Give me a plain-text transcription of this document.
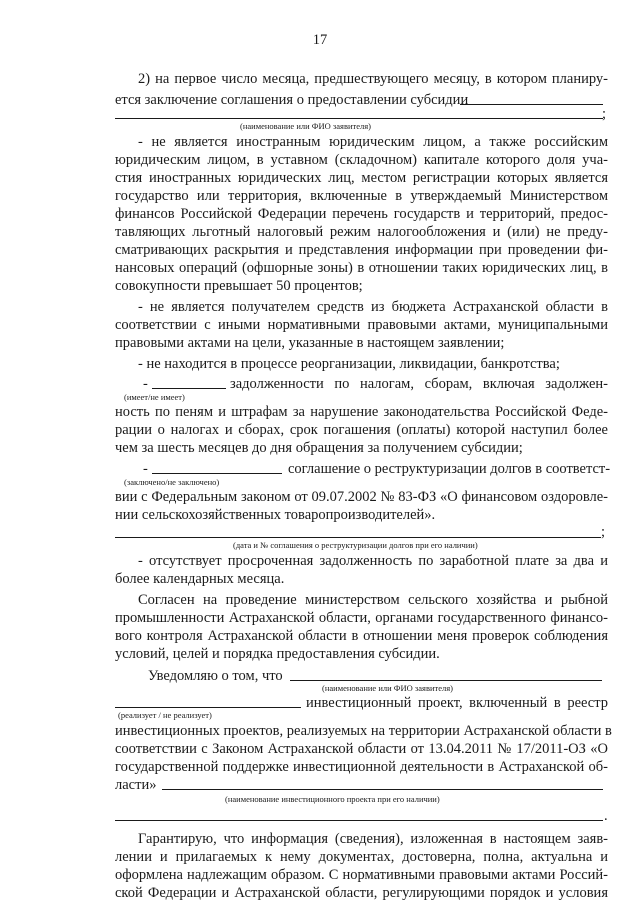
17
2) на первое число месяца, предшествующего месяцу, в котором планиру-
ется заключение соглашения о предоставлении субсидии
;
(наименование или ФИО заявителя)
- не является иностранным юридическим лицом, а также российским
юридическим лицом, в уставном (складочном) капитале которого доля уча-
стия иностранных юридических лиц, местом регистрации которых является
государство или территория, включенные в утверждаемый Министерством
финансов Российской Федерации перечень государств и территорий, предос-
тавляющих льготный налоговый режим налогообложения и (или) не преду-
сматривающих раскрытия и представления информации при проведении фи-
нансовых операций (офшорные зоны) в отношении таких юридических лиц, в
совокупности превышает 50 процентов;
- не является получателем средств из бюджета Астраханской области в
соответствии с иными нормативными правовыми актами, муниципальными
правовыми актами на цели, указанные в настоящем заявлении;
- не находится в процессе реорганизации, ликвидации, банкротства;
-	задолженности по налогам, сборам, включая задолжен-
(имеет/не имеет)
ность по пеням и штрафам за нарушение законодательства Российской Феде-
рации о налогах и сборах, срок погашения (оплаты) которой наступил более
чем за шесть месяцев до дня обращения за получением субсидии;
-	соглашение о реструктуризации долгов в соответст-
(заключено/не заключено)
вии с Федеральным законом от 09.07.2002 № 83-ФЗ «О финансовом оздоровле-
нии сельскохозяйственных товаропроизводителей».
;
(дата и № соглашения о реструктуризации долгов при его наличии)
- отсутствует просроченная задолженность по заработной плате за два и
более календарных месяца.
Согласен на проведение министерством сельского хозяйства и рыбной
промышленности Астраханской области, органами государственного финансо-
вого контроля Астраханской области в отношении меня проверок соблюдения
условий, целей и порядка предоставления субсидии.
Уведомляю о том, что
(наименование или ФИО заявителя)
инвестиционный проект, включенный в реестр
(реализует / не реализует)
инвестиционных проектов, реализуемых на территории Астраханской области в
соответствии с Законом Астраханской области от 13.04.2011 № 17/2011-ОЗ «О
государственной поддержке инвестиционной деятельности в Астраханской об-
ласти»
(наименование инвестиционного проекта при его наличии)
.
Гарантирую, что информация (сведения), изложенная в настоящем заяв-
лении и прилагаемых к нему документах, достоверна, полна, актуальна и
оформлена надлежащим образом. С нормативными правовыми актами Россий-
ской Федерации и Астраханской области, регулирующими порядок и условия
